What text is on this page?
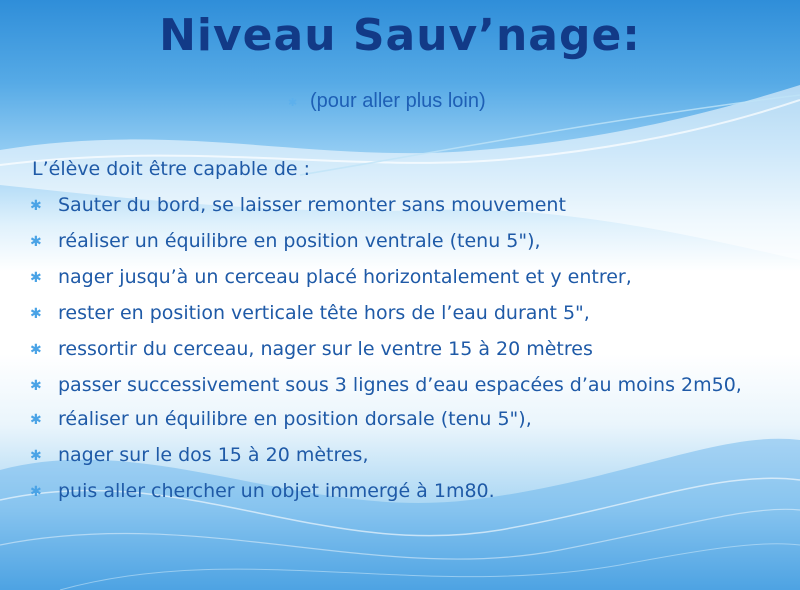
Niveau Sauv’nage:
✱ (pour aller plus loin)
L’élève doit être capable de :
✱ Sauter du bord, se laisser remonter sans mouvement
✱ réaliser un équilibre en position ventrale (tenu 5"),
✱ nager jusqu’à un cerceau placé horizontalement et y entrer,
✱ rester en position verticale tête hors de l’eau durant 5",
✱ ressortir du cerceau, nager sur le ventre 15 à 20 mètres
✱ passer successivement sous 3 lignes d’eau espacées d’au moins 2m50,
✱ réaliser un équilibre en position dorsale (tenu 5"),
✱ nager sur le dos 15 à 20 mètres,
✱ puis aller chercher un objet immergé à 1m80.
